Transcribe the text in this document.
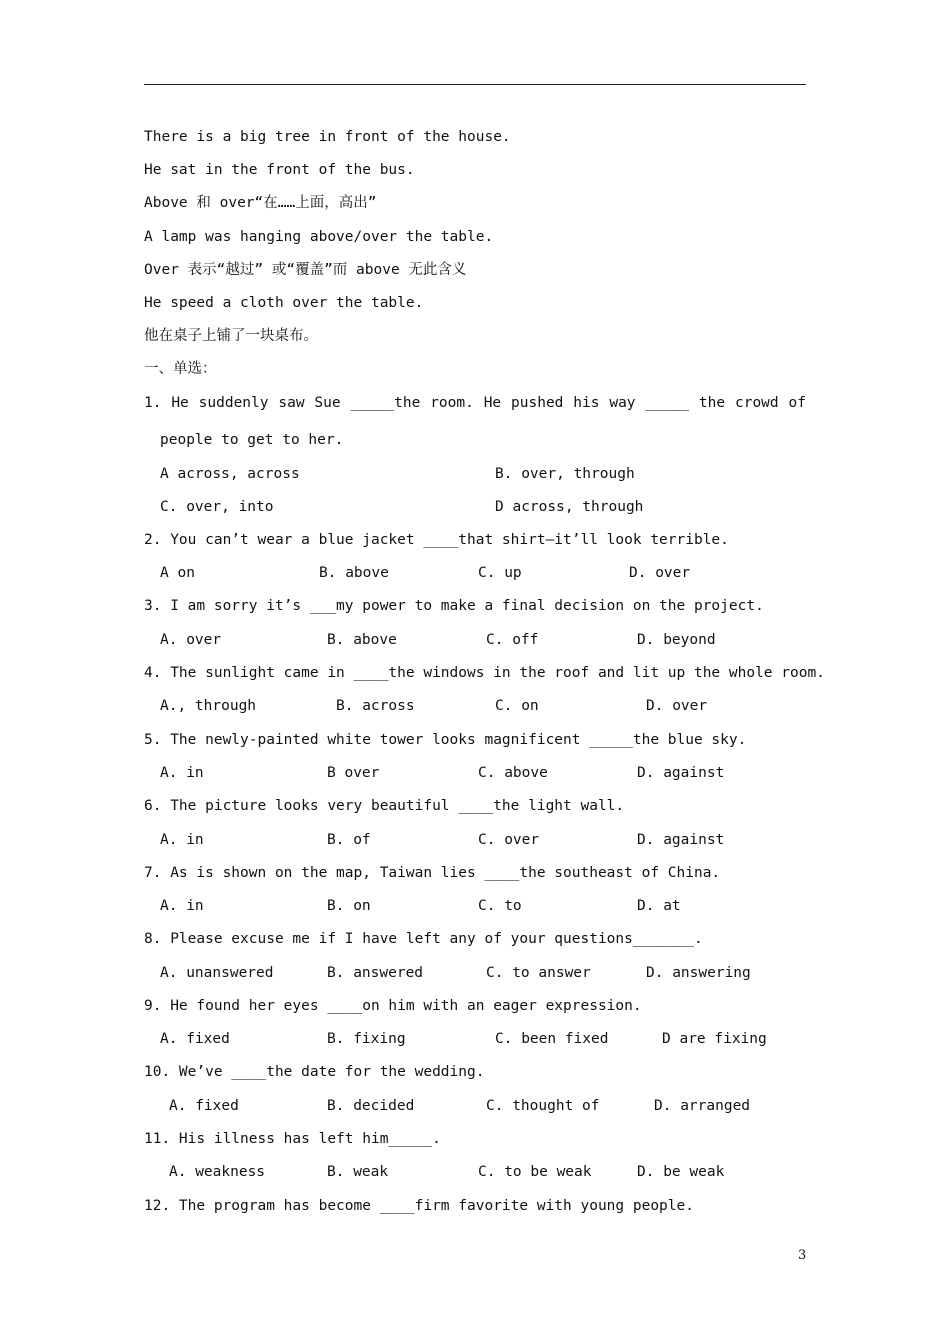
There is a big tree in front of the house.
He sat in the front of the bus.
Above 和 over“在……上面，高出”
A lamp was hanging above/over the table.
Over 表示“越过” 或“覆盖”而 above 无此含义
He speed a cloth over the table.
他在桌子上铺了一块桌布。
一、单选：
1. He suddenly saw Sue _____the room. He pushed his way _____ the crowd of
people to get to her.
A across, across	B. over, through
C. over, into	D across, through
2. You can’t wear a blue jacket ____that shirt—it’ll look terrible.
A on	B. above	C. up	D. over
3. I am sorry it’s ___my power to make a final decision on the project.
A. over	B. above	C. off	D. beyond
4. The sunlight came in ____the windows in the roof and lit up the whole room.
A., through	B. across	C. on	D. over
5. The newly-painted white tower looks magnificent _____the blue sky.
A. in	B over	C. above	D. against
6. The picture looks very beautiful ____the light wall.
A. in	B. of	C. over	D. against
7. As is shown on the map, Taiwan lies ____the southeast of China.
A. in	B. on	C. to	D. at
8. Please excuse me if I have left any of your questions_______.
A. unanswered	B. answered	C. to answer	D. answering
9. He found her eyes ____on him with an eager expression.
A. fixed	B. fixing	C. been fixed	D are fixing
10. We’ve ____the date for the wedding.
A. fixed	B. decided	C. thought of	D. arranged
11. His illness has left him_____.
A. weakness	B. weak	C. to be weak	D. be weak
12. The program has become ____firm favorite with young people.
3
